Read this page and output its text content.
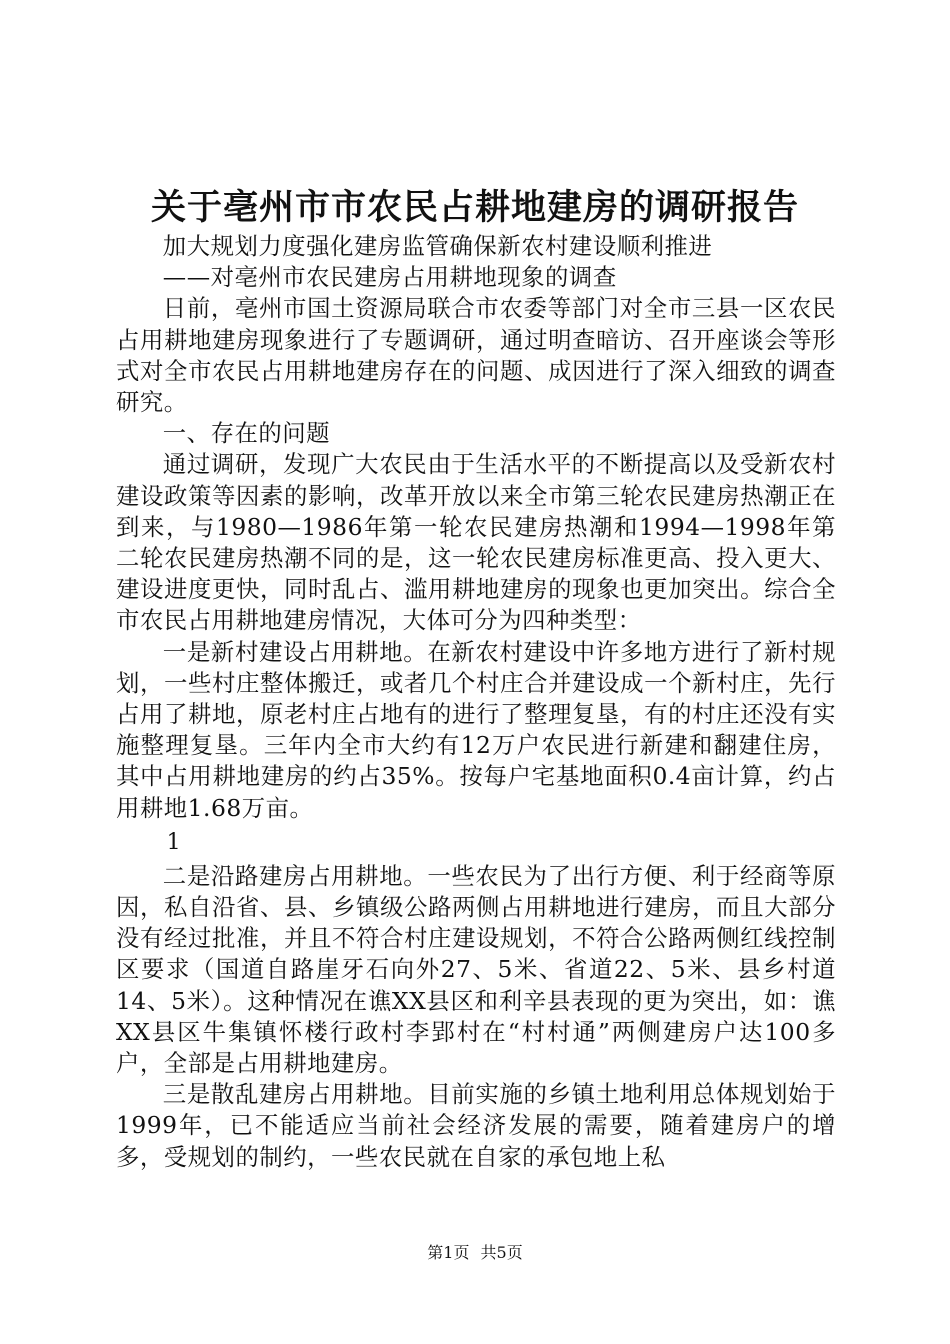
关于亳州市市农民占耕地建房的调研报告

加大规划力度强化建房监管确保新农村建设顺利推进

——对亳州市农民建房占用耕地现象的调查

日前，亳州市国土资源局联合市农委等部门对全市三县一区农民占用耕地建房现象进行了专题调研，通过明查暗访、召开座谈会等形式对全市农民占用耕地建房存在的问题、成因进行了深入细致的调查研究。

一、存在的问题

通过调研，发现广大农民由于生活水平的不断提高以及受新农村建设政策等因素的影响，改革开放以来全市第三轮农民建房热潮正在到来，与1980—1986年第一轮农民建房热潮和1994—1998年第二轮农民建房热潮不同的是，这一轮农民建房标准更高、投入更大、建设进度更快，同时乱占、滥用耕地建房的现象也更加突出。综合全市农民占用耕地建房情况，大体可分为四种类型：

一是新村建设占用耕地。在新农村建设中许多地方进行了新村规划，一些村庄整体搬迁，或者几个村庄合并建设成一个新村庄，先行占用了耕地，原老村庄占地有的进行了整理复垦，有的村庄还没有实施整理复垦。三年内全市大约有12万户农民进行新建和翻建住房，其中占用耕地建房的约占35%。按每户宅基地面积0.4亩计算，约占用耕地1.68万亩。

1

二是沿路建房占用耕地。一些农民为了出行方便、利于经商等原因，私自沿省、县、乡镇级公路两侧占用耕地进行建房，而且大部分没有经过批准，并且不符合村庄建设规划，不符合公路两侧红线控制区要求（国道自路崖牙石向外27、5米、省道22、5米、县乡村道14、5米）。这种情况在谯XX县区和利辛县表现的更为突出，如：谯XX县区牛集镇怀楼行政村李郢村在“村村通”两侧建房户达100多户，全部是占用耕地建房。

三是散乱建房占用耕地。目前实施的乡镇土地利用总体规划始于1999年，已不能适应当前社会经济发展的需要，随着建房户的增多，受规划的制约，一些农民就在自家的承包地上私

第1页 共5页
